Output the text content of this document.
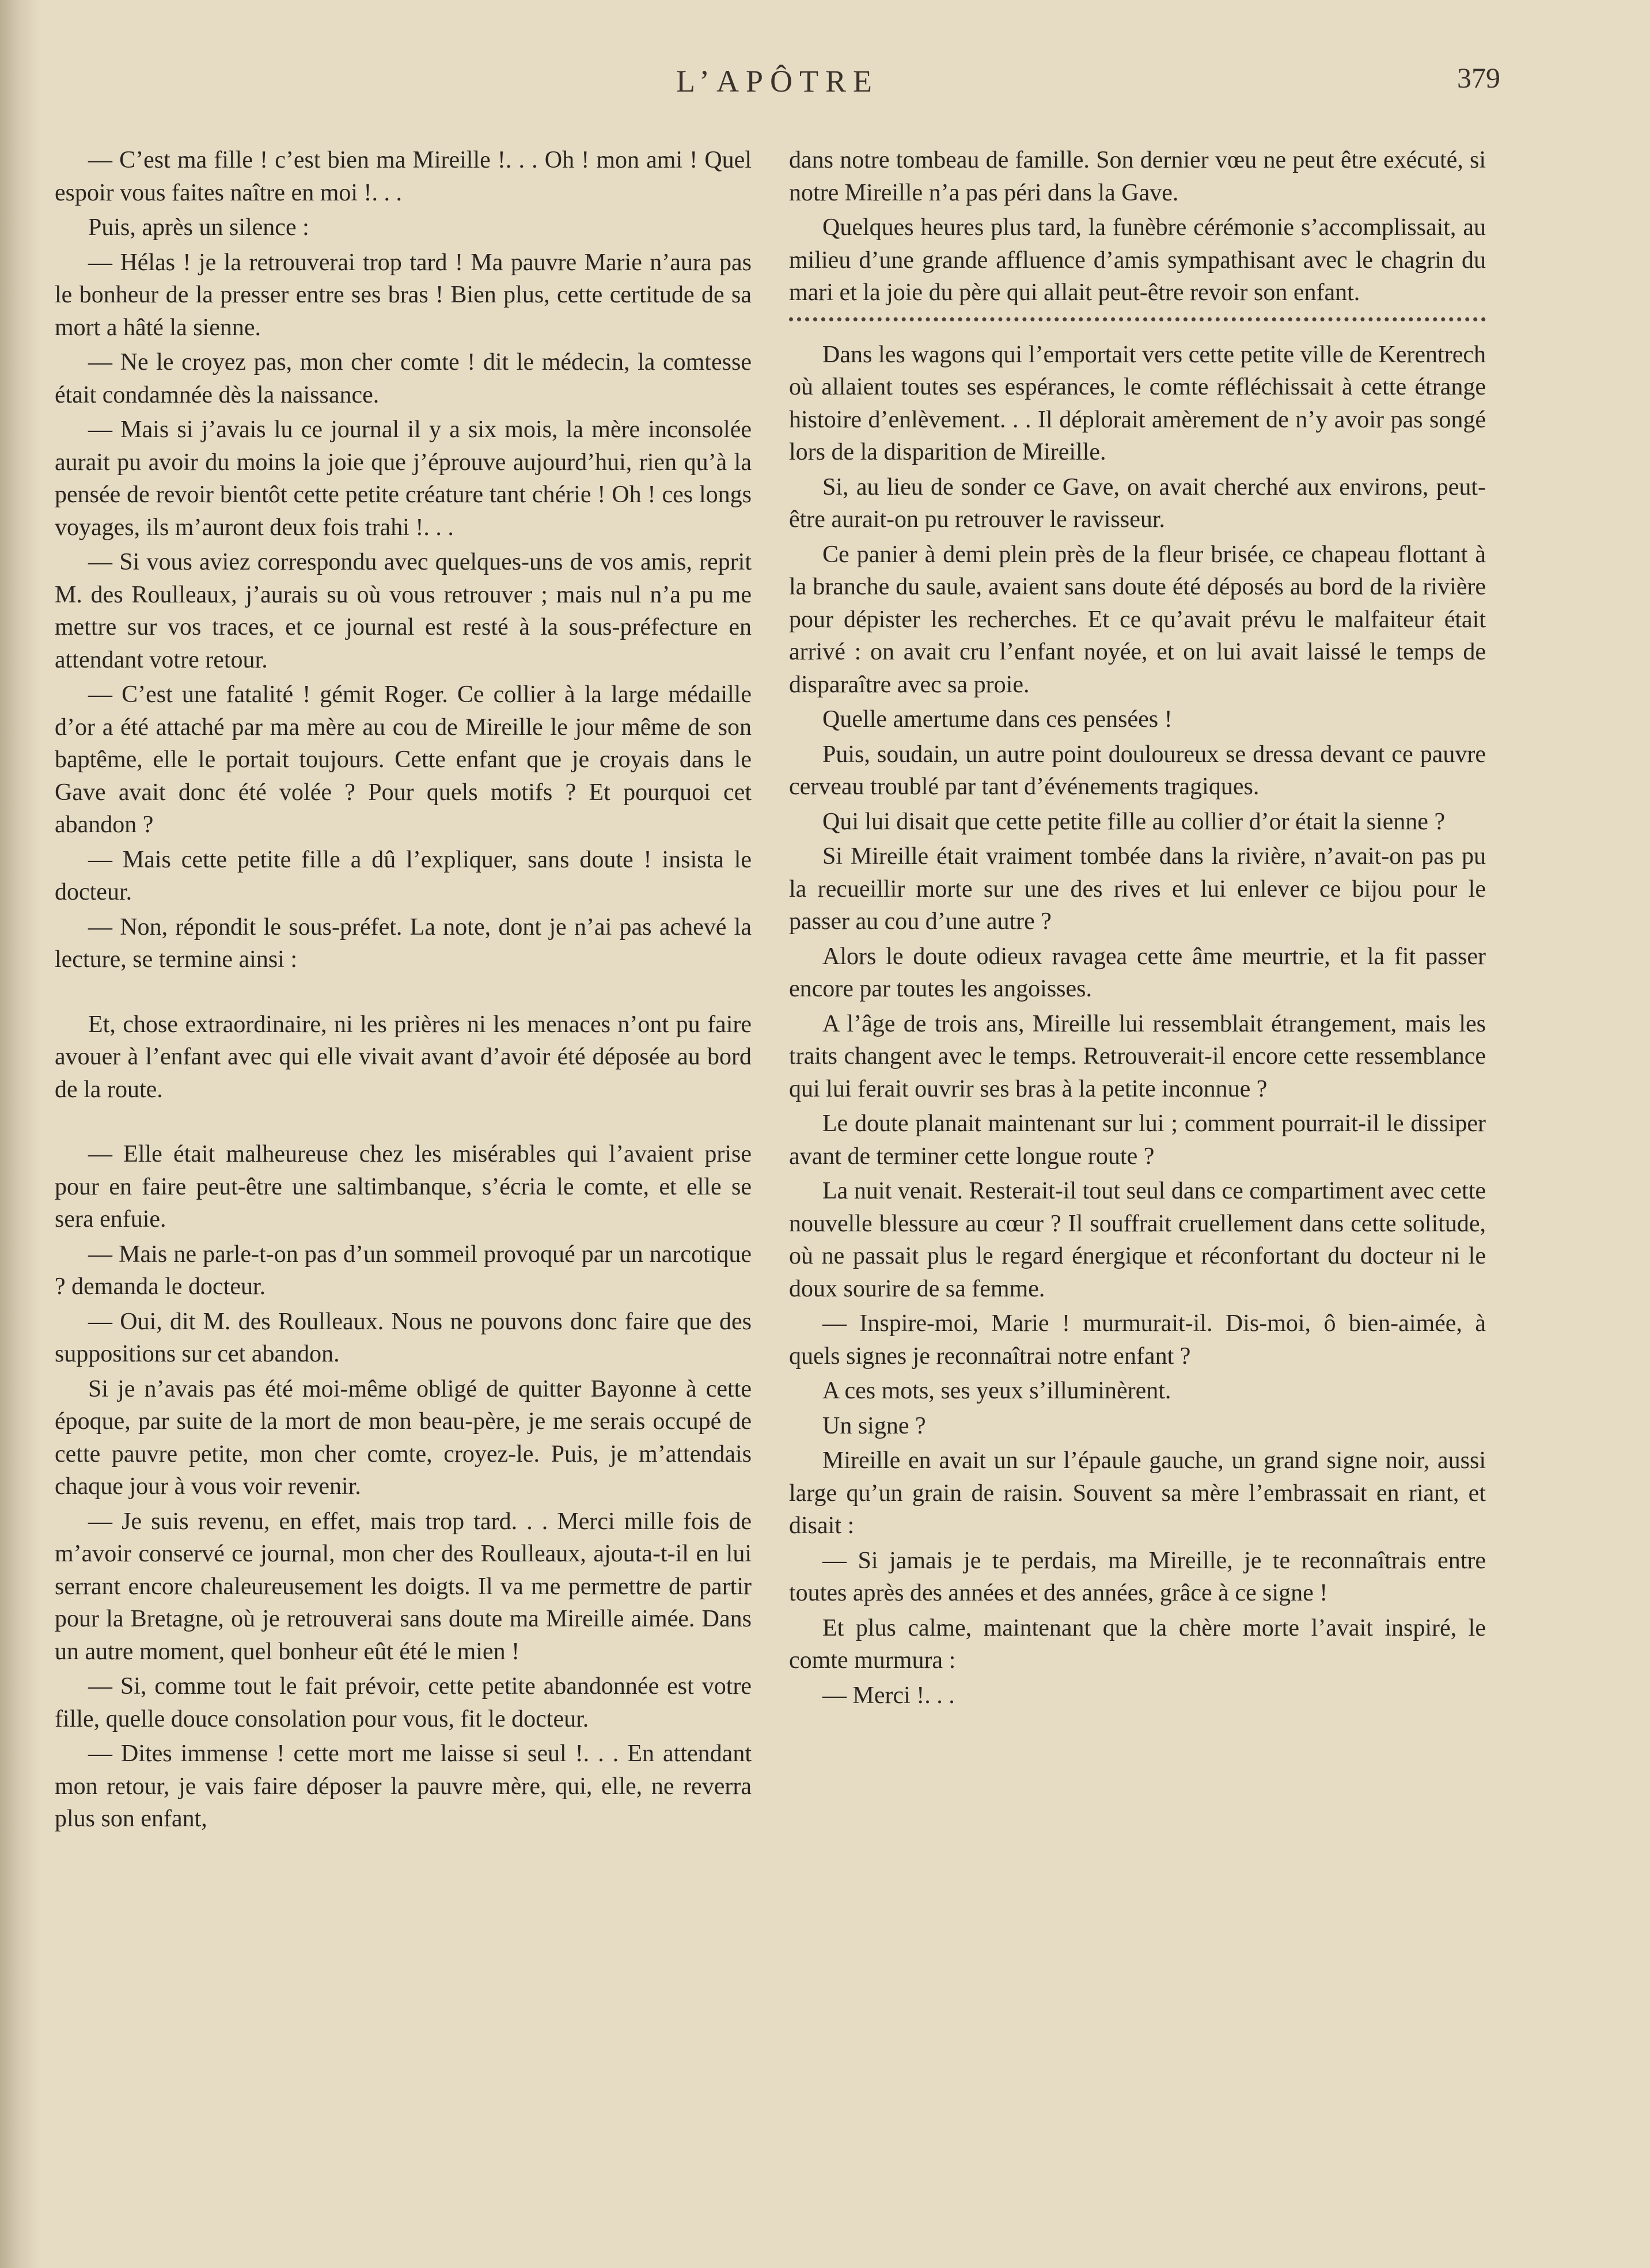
L’APÔTRE	379

— C’est ma fille ! c’est bien ma Mireille !. . . Oh ! mon ami ! Quel espoir vous faites naître en moi !. . .

Puis, après un silence :

— Hélas ! je la retrouverai trop tard ! Ma pauvre Marie n’aura pas le bonheur de la presser entre ses bras ! Bien plus, cette certitude de sa mort a hâté la sienne.

— Ne le croyez pas, mon cher comte ! dit le médecin, la comtesse était condamnée dès la naissance.

— Mais si j’avais lu ce journal il y a six mois, la mère inconsolée aurait pu avoir du moins la joie que j’éprouve aujourd’hui, rien qu’à la pensée de revoir bientôt cette petite créature tant chérie ! Oh ! ces longs voyages, ils m’auront deux fois trahi !. . .

— Si vous aviez correspondu avec quelques-uns de vos amis, reprit M. des Roulleaux, j’aurais su où vous retrouver ; mais nul n’a pu me mettre sur vos traces, et ce journal est resté à la sous-préfecture en attendant votre retour.

— C’est une fatalité ! gémit Roger. Ce collier à la large médaille d’or a été attaché par ma mère au cou de Mireille le jour même de son baptême, elle le portait toujours. Cette enfant que je croyais dans le Gave avait donc été volée ? Pour quels motifs ? Et pourquoi cet abandon ?

— Mais cette petite fille a dû l’expliquer, sans doute ! insista le docteur.

— Non, répondit le sous-préfet. La note, dont je n’ai pas achevé la lecture, se termine ainsi :

Et, chose extraordinaire, ni les prières ni les menaces n’ont pu faire avouer à l’enfant avec qui elle vivait avant d’avoir été déposée au bord de la route.

— Elle était malheureuse chez les misérables qui l’avaient prise pour en faire peut-être une saltimbanque, s’écria le comte, et elle se sera enfuie.

— Mais ne parle-t-on pas d’un sommeil provoqué par un narcotique ? demanda le docteur.

— Oui, dit M. des Roulleaux. Nous ne pouvons donc faire que des suppositions sur cet abandon.

Si je n’avais pas été moi-même obligé de quitter Bayonne à cette époque, par suite de la mort de mon beau-père, je me serais occupé de cette pauvre petite, mon cher comte, croyez-le. Puis, je m’attendais chaque jour à vous voir revenir.

— Je suis revenu, en effet, mais trop tard. . . Merci mille fois de m’avoir conservé ce journal, mon cher des Roulleaux, ajouta-t-il en lui serrant encore chaleureusement les doigts. Il va me permettre de partir pour la Bretagne, où je retrouverai sans doute ma Mireille aimée. Dans un autre moment, quel bonheur eût été le mien !

— Si, comme tout le fait prévoir, cette petite abandonnée est votre fille, quelle douce consolation pour vous, fit le docteur.

— Dites immense ! cette mort me laisse si seul !. . . En attendant mon retour, je vais faire déposer la pauvre mère, qui, elle, ne reverra plus son enfant,

dans notre tombeau de famille. Son dernier vœu ne peut être exécuté, si notre Mireille n’a pas péri dans la Gave.

Quelques heures plus tard, la funèbre cérémonie s’accomplissait, au milieu d’une grande affluence d’amis sympathisant avec le chagrin du mari et la joie du père qui allait peut-être revoir son enfant.

Dans les wagons qui l’emportait vers cette petite ville de Kerentrech où allaient toutes ses espérances, le comte réfléchissait à cette étrange histoire d’enlèvement. . . Il déplorait amèrement de n’y avoir pas songé lors de la disparition de Mireille.

Si, au lieu de sonder ce Gave, on avait cherché aux environs, peut-être aurait-on pu retrouver le ravisseur.

Ce panier à demi plein près de la fleur brisée, ce chapeau flottant à la branche du saule, avaient sans doute été déposés au bord de la rivière pour dépister les recherches. Et ce qu’avait prévu le malfaiteur était arrivé : on avait cru l’enfant noyée, et on lui avait laissé le temps de disparaître avec sa proie.

Quelle amertume dans ces pensées !

Puis, soudain, un autre point douloureux se dressa devant ce pauvre cerveau troublé par tant d’événements tragiques.

Qui lui disait que cette petite fille au collier d’or était la sienne ?

Si Mireille était vraiment tombée dans la rivière, n’avait-on pas pu la recueillir morte sur une des rives et lui enlever ce bijou pour le passer au cou d’une autre ?

Alors le doute odieux ravagea cette âme meurtrie, et la fit passer encore par toutes les angoisses.

A l’âge de trois ans, Mireille lui ressemblait étrangement, mais les traits changent avec le temps. Retrouverait-il encore cette ressemblance qui lui ferait ouvrir ses bras à la petite inconnue ?

Le doute planait maintenant sur lui ; comment pourrait-il le dissiper avant de terminer cette longue route ?

La nuit venait. Resterait-il tout seul dans ce compartiment avec cette nouvelle blessure au cœur ? Il souffrait cruellement dans cette solitude, où ne passait plus le regard énergique et réconfortant du docteur ni le doux sourire de sa femme.

— Inspire-moi, Marie ! murmurait-il. Dis-moi, ô bien-aimée, à quels signes je reconnaîtrai notre enfant ?

A ces mots, ses yeux s’illuminèrent.

Un signe ?

Mireille en avait un sur l’épaule gauche, un grand signe noir, aussi large qu’un grain de raisin. Souvent sa mère l’embrassait en riant, et disait :

— Si jamais je te perdais, ma Mireille, je te reconnaîtrais entre toutes après des années et des années, grâce à ce signe !

Et plus calme, maintenant que la chère morte l’avait inspiré, le comte murmura :

— Merci !. . .
